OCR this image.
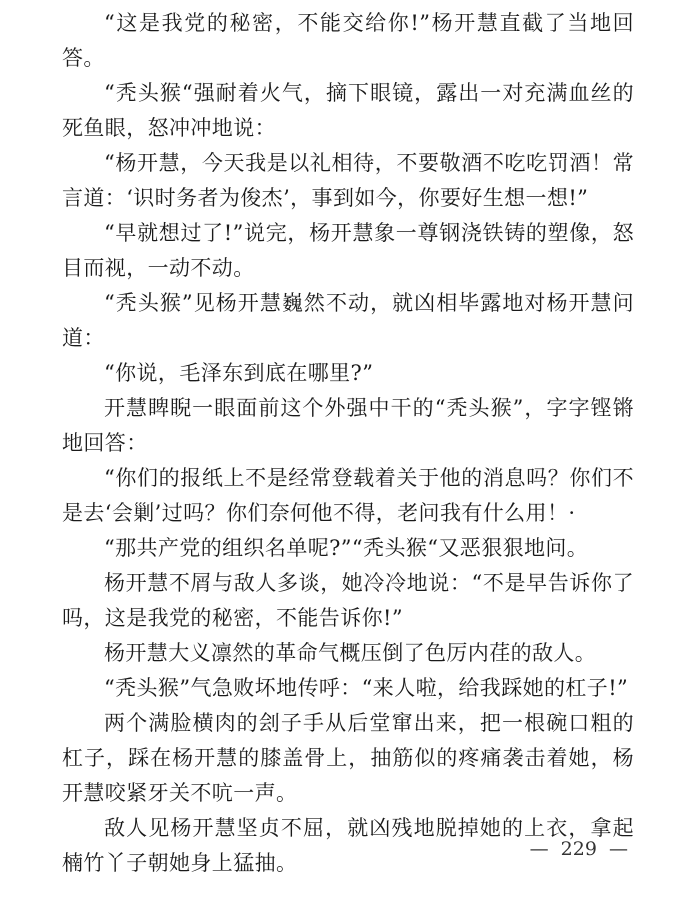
“这是我党的秘密，不能交给你!”杨开慧直截了当地回答。

“秃头猴“强耐着火气，摘下眼镜，露出一对充满血丝的死鱼眼，怒冲冲地说：

“杨开慧，今天我是以礼相待，不要敬酒不吃吃罚酒！常言道：‘识时务者为俊杰’，事到如今，你要好生想一想!”

“早就想过了!”说完，杨开慧象一尊钢浇铁铸的塑像，怒目而视，一动不动。

“秃头猴”见杨开慧巍然不动，就凶相毕露地对杨开慧问道：

“你说，毛泽东到底在哪里?”

开慧睥睨一眼面前这个外强中干的“秃头猴”，字字铿锵地回答：

“你们的报纸上不是经常登载着关于他的消息吗？你们不是去‘会剿’过吗？你们奈何他不得，老问我有什么用！·

“那共产党的组织名单呢?”“秃头猴“又恶狠狠地问。

杨开慧不屑与敌人多谈，她冷冷地说：“不是早告诉你了吗，这是我党的秘密，不能告诉你!”

杨开慧大义凛然的革命气概压倒了色厉内荏的敌人。

“秃头猴”气急败坏地传呼：“来人啦，给我踩她的杠子!”

两个满脸横肉的刽子手从后堂窜出来，把一根碗口粗的杠子，踩在杨开慧的膝盖骨上，抽筋似的疼痛袭击着她，杨开慧咬紧牙关不吭一声。

敌人见杨开慧坚贞不屈，就凶残地脱掉她的上衣，拿起楠竹丫子朝她身上猛抽。

—  229  —
